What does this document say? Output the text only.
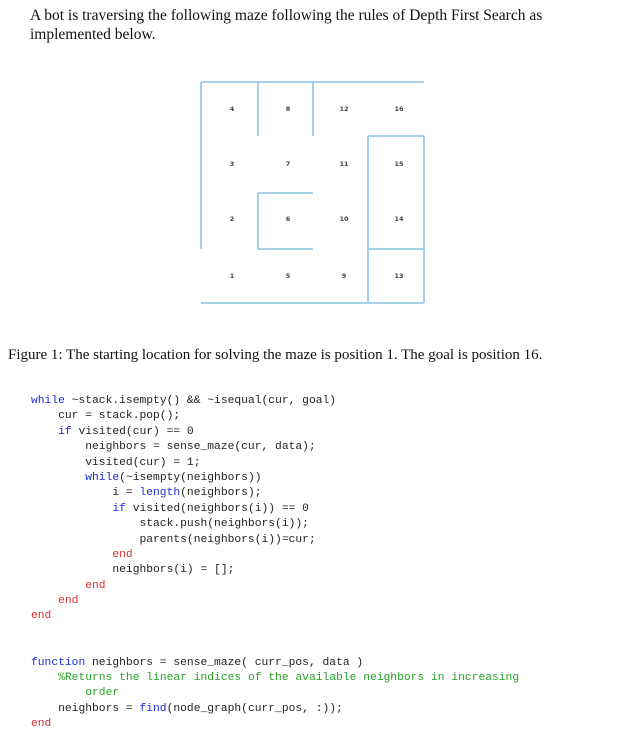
A bot is traversing the following maze following the rules of Depth First Search as implemented below.
1
2
3
4
5
6
7
8
9
10
11
12
13
14
15
16
Figure 1: The starting location for solving the maze is position 1. The goal is position 16.
while ~stack.isempty() && ~isequal(cur, goal)
cur = stack.pop();
if visited(cur) == 0
neighbors = sense_maze(cur, data);
visited(cur) = 1;
while(~isempty(neighbors))
i = length(neighbors);
if visited(neighbors(i)) == 0
stack.push(neighbors(i));
parents(neighbors(i))=cur;
end
neighbors(i) = [];
end
end
end
function neighbors = sense_maze( curr_pos, data )
%Returns the linear indices of the available neighbors in increasing
order
neighbors = find(node_graph(curr_pos, :));
end
